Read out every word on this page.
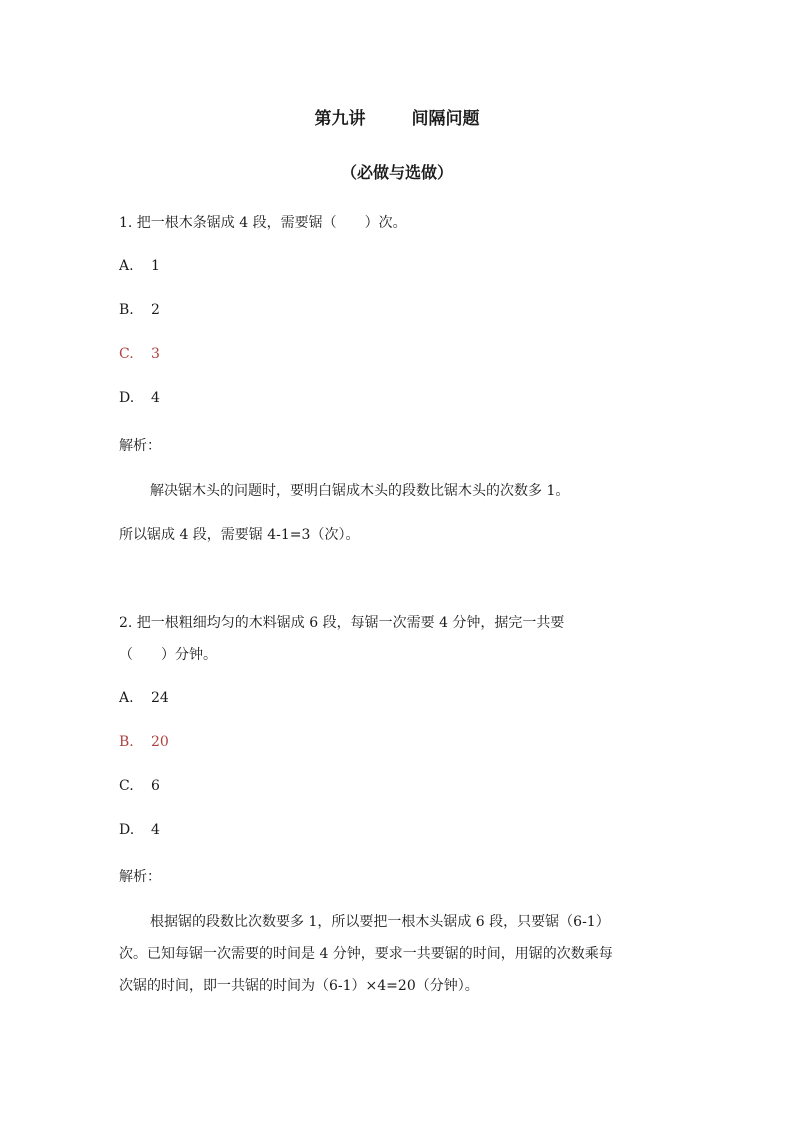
第九讲	间隔问题
（必做与选做）
1. 把一根木条锯成 4 段，需要锯（　　）次。
A. 1
B. 2
C. 3
D. 4
解析：
解决锯木头的问题时，要明白锯成木头的段数比锯木头的次数多 1。
所以锯成 4 段，需要锯 4-1=3（次）。
2. 把一根粗细均匀的木料锯成 6 段，每锯一次需要 4 分钟，据完一共要
（　　）分钟。
A. 24
B. 20
C. 6
D. 4
解析：
根据锯的段数比次数要多 1，所以要把一根木头锯成 6 段，只要锯（6-1）
次。已知每锯一次需要的时间是 4 分钟，要求一共要锯的时间，用锯的次数乘每
次锯的时间，即一共锯的时间为（6-1）×4=20（分钟）。
